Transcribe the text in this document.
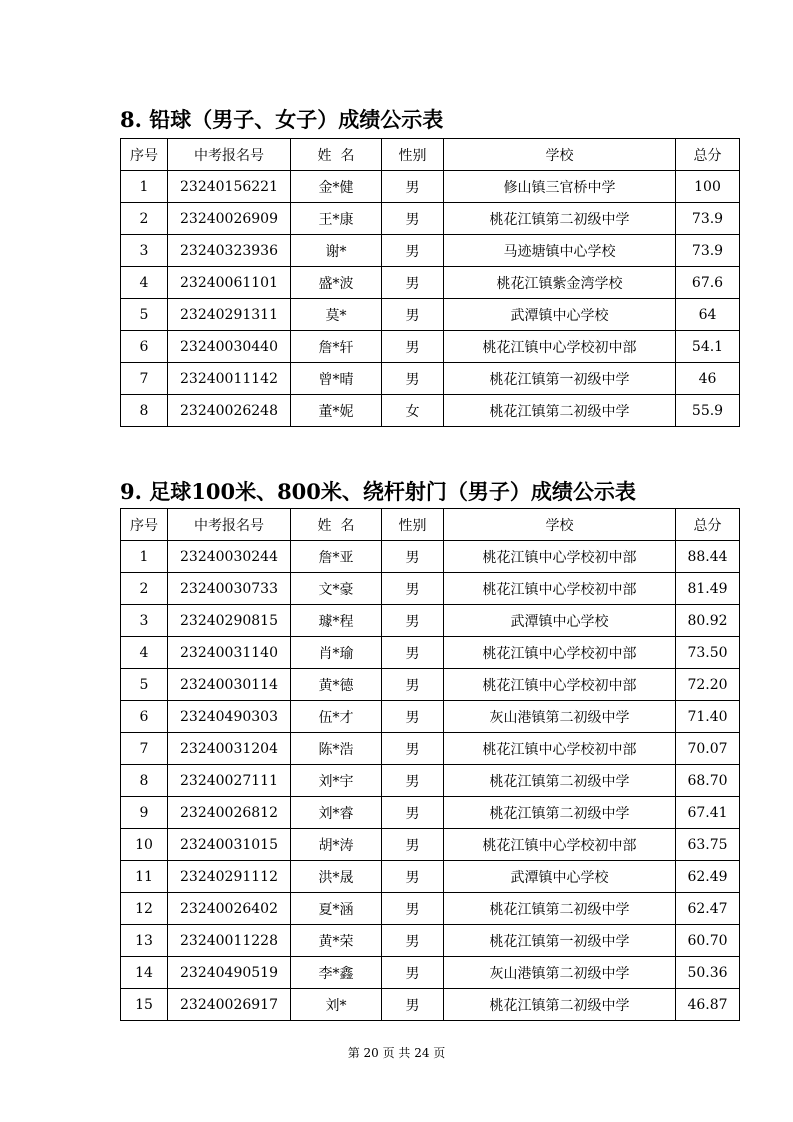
8. 铅球（男子、女子）成绩公示表
序号	中考报名号	姓  名	性别	学校	总分
1	23240156221	金*健	男	修山镇三官桥中学	100
2	23240026909	王*康	男	桃花江镇第二初级中学	73.9
3	23240323936	谢*	男	马迹塘镇中心学校	73.9
4	23240061101	盛*波	男	桃花江镇紫金湾学校	67.6
5	23240291311	莫*	男	武潭镇中心学校	64
6	23240030440	詹*轩	男	桃花江镇中心学校初中部	54.1
7	23240011142	曾*晴	男	桃花江镇第一初级中学	46
8	23240026248	董*妮	女	桃花江镇第二初级中学	55.9
9. 足球100米、800米、绕杆射门（男子）成绩公示表
序号	中考报名号	姓  名	性别	学校	总分
1	23240030244	詹*亚	男	桃花江镇中心学校初中部	88.44
2	23240030733	文*豪	男	桃花江镇中心学校初中部	81.49
3	23240290815	璩*程	男	武潭镇中心学校	80.92
4	23240031140	肖*瑜	男	桃花江镇中心学校初中部	73.50
5	23240030114	黄*德	男	桃花江镇中心学校初中部	72.20
6	23240490303	伍*才	男	灰山港镇第二初级中学	71.40
7	23240031204	陈*浩	男	桃花江镇中心学校初中部	70.07
8	23240027111	刘*宇	男	桃花江镇第二初级中学	68.70
9	23240026812	刘*睿	男	桃花江镇第二初级中学	67.41
10	23240031015	胡*涛	男	桃花江镇中心学校初中部	63.75
11	23240291112	洪*晟	男	武潭镇中心学校	62.49
12	23240026402	夏*涵	男	桃花江镇第二初级中学	62.47
13	23240011228	黄*荣	男	桃花江镇第一初级中学	60.70
14	23240490519	李*鑫	男	灰山港镇第二初级中学	50.36
15	23240026917	刘*	男	桃花江镇第二初级中学	46.87
第 20 页 共 24 页
